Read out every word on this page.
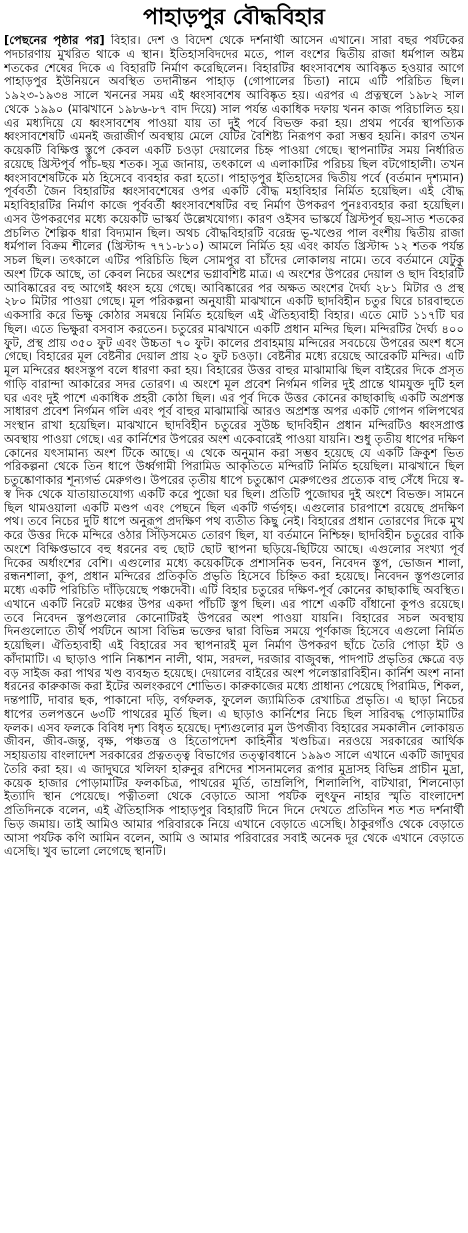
পাহাড়পুর বৌদ্ধবিহার
[পেছনের পৃষ্ঠার পর] বিহার। দেশ ও বিদেশ থেকে দর্শনার্থী আসেন এখানে। সারা বছর পর্যটকের পদচারণায় মুখরিত থাকে এ স্থান। ইতিহাসবিদদের মতে, পাল বংশের দ্বিতীয় রাজা ধর্মপাল অষ্টম শতকের শেষের দিকে এ বিহারটি নির্মাণ করেছিলেন। বিহারটির ধ্বংসাবশেষ আবিষ্কৃত হওয়ার আগে পাহাড়পুর ইউনিয়নে অবস্থিত তদানীন্তন পাহাড় (গোপালের চিতা) নামে এটি পরিচিত ছিল। ১৯২৩-১৯৩৪ সালে খননের সময় এই ধ্বংসাবশেষ আবিষ্কৃত হয়। এরপর এ প্রত্নস্থলে ১৯৮২ সাল থেকে ১৯৯০ (মাঝখানে ১৯৮৬-৮৭ বাদ দিয়ে) সাল পর্যন্ত একাধিক দফায় খনন কাজ পরিচালিত হয়। এর মধ্যদিয়ে যে ধ্বংসাবশেষ পাওয়া যায় তা দুই পর্বে বিভক্ত করা হয়। প্রথম পর্বের স্থাপত্যিক ধ্বংসাবশেষটি এমনই জরাজীর্ণ অবস্থায় মেলে যেটির বৈশিষ্ট্য নিরূপণ করা সম্ভব হয়নি। কারণ তখন কয়েকটি বিক্ষিপ্ত স্তুপে কেবল একটি চওড়া দেয়ালের চিহ্ন পাওয়া গেছে। স্থাপনাটির সময় নির্ধারিত রয়েছে খ্রিস্টপূর্ব পাঁচ-ছয় শতক। সূত্র জানায়, তৎকালে এ এলাকাটির পরিচয় ছিল বটগোহালী। তখন ধ্বংসাবশেষটিকে মঠ হিসেবে ব্যবহার করা হতো। পাহাড়পুর ইতিহাসের দ্বিতীয় পর্বে (বর্তমান দৃশ্যমান) পূর্ববর্তী জৈন বিহারটির ধ্বংসাবশেষের ওপর একটি বৌদ্ধ মহাবিহার নির্মিত হয়েছিল। এই বৌদ্ধ মহাবিহারটির নির্মাণ কাজে পূর্ববর্তী ধ্বংসাবশেষটির বহু নির্মাণ উপকরণ পুনঃব্যবহার করা হয়েছিল। এসব উপকরণের মধ্যে কয়েকটি ভাস্কর্য উল্লেখযোগ্য। কারণ ওইসব ভাস্কর্যে খ্রিস্টপূর্ব ছয়-সাত শতকের প্রচলিত শৈল্পিক ধারা বিদ্যমান ছিল। অথচ বৌদ্ধবিহারটি বরেন্দ্র ভূ-খণ্ডের পাল বংশীয় দ্বিতীয় রাজা ধর্মপাল বিক্রম শীলের (খ্রিস্টাব্দ ৭৭১-৮১০) আমলে নির্মিত হয় এবং কার্যত খ্রিস্টাব্দ ১২ শতক পর্যন্ত সচল ছিল। তৎকালে এটির পরিচিতি ছিল সোমপুর বা চাঁদের লোকালয় নামে। তবে বর্তমানে যেটুকু অংশ টিকে আছে, তা কেবল নিচের অংশের ভগ্নাবশিষ্ট মাত্র। এ অংশের উপরের দেয়াল ও ছাদ বিহারটি আবিষ্কারের বহু আগেই ধ্বংস হয়ে গেছে। আবিষ্কারের পর অক্ষত অংশের দৈর্ঘ্য ২৮১ মিটার ও প্রস্থ ২৮০ মিটার পাওয়া গেছে। মূল পরিকল্পনা অনুযায়ী মাঝখানে একটি ছাদবিহীন চতুর ঘিরে চারবাহুতে একসারি করে ভিক্ষু কোঠার সমন্বয়ে নির্মিত হয়েছিল এই ঐতিহ্যবাহী বিহার। এতে মোট ১১৭টি ঘর ছিল। এতে ভিক্ষুরা বসবাস করতেন। চতুরের মাঝখানে একটি প্রধান মন্দির ছিল। মন্দিরটির দৈর্ঘ্য ৪০০ ফুট, প্রস্থ প্রায় ৩৫০ ফুট এবং উচ্চতা ৭০ ফুট। কালের প্রবাহমায় মন্দিরের সবচেয়ে উপরের অংশ ধসে গেছে। বিহারের মূল বেষ্টনীর দেয়াল প্রায় ২০ ফুট চওড়া। বেষ্টনীর মধ্যে রয়েছে আরেকটি মন্দির। এটি মূল মন্দিরের ধ্বংসস্তূপ বলে ধারণা করা হয়। বিহারের উত্তর বাহুর মাঝামাঝি ছিল বাইরের দিকে প্রসৃত গাড়ি বারান্দা আকারের সদর তোরণ। এ অংশে মূল প্রবেশ নির্গমন গলির দুই প্রান্তে থামযুক্ত দুটি হল ঘর এবং দুই পাশে একাধিক প্রহরী কোঠা ছিল। এর পূর্ব দিকে উত্তর কোনের কাছাকাছি একটি অপ্রশস্ত সাধারণ প্রবেশ নির্গমন গলি এবং পূর্ব বাহুর মাঝামাঝি আরও অপ্রশস্ত অপর একটি গোপন গলিপথের সংস্থান রাখা হয়েছিল। মাঝখানে ছাদবিহীন চতুরের সুউচ্চ ছাদবিহীন প্রধান মন্দিরটিও ধ্বংসপ্রাপ্ত অবস্থায় পাওয়া গেছে। এর কার্নিশের উপরের অংশ একেবারেই পাওয়া যায়নি। শুধু তৃতীয় ধাপের দক্ষিণ কোনের যৎসামান্য অংশ টিকে আছে। এ থেকে অনুমান করা সম্ভব হয়েছে যে একটি ক্রিকুশ ভিত পরিকল্পনা থেকে তিন ধাপে উর্ধ্বগামী পিরামিড আকৃতিতে মন্দিরটি নির্মিত হয়েছিল। মাঝখানে ছিল চতুষ্কোণাকার শূন্যগর্ভ মেরুগণ্ড। উপরের তৃতীয় ধাপে চতুষ্কোণ মেরুগণ্ডের প্রত্যেক বাহু সেঁধে দিয়ে স্ব-স্ব দিক থেকে যাতায়াতযোগ্য একটি করে পুজো ঘর ছিল। প্রতিটি পুজোঘর দুই অংশে বিভক্ত। সামনে ছিল থামওয়ালা একটি মণ্ডপ এবং পেছনে ছিল একটি গর্ভগৃহ। এগুলোর চারপাশে রয়েছে প্রদক্ষিণ পথ। তবে নিচের দুটি ধাপে অনুরূপ প্রদক্ষিণ পথ ব্যতীত কিছু নেই। বিহারের প্রধান তোরণের দিকে মুখ করে উত্তর দিকে মন্দিরে ওঠার সিঁড়িসমেত তোরণ ছিল, যা বর্তমানে নিশ্চিহ্ন। ছাদবিহীন চতুরের বাকি অংশে বিক্ষিপ্তভাবে বহু ধরনের বহু ছোট ছোট স্থাপনা ছড়িয়ে-ছিটিয়ে আছে। এগুলোর সংখ্যা পূর্ব দিকের অর্ধাংশের বেশি। এগুলোর মধ্যে কয়েকটিকে প্রশাসনিক ভবন, নিবেদন স্তূপ, ভোজন শালা, রন্ধনশালা, কূপ, প্রধান মন্দিরের প্রতিকৃতি প্রভৃতি হিসেবে চিহ্নিত করা হয়েছে। নিবেদন স্তূপগুলোর মধ্যে একটি পরিচিতি দাঁড়িয়েছে পঞ্চদেবী। এটি বিহার চতুরের দক্ষিণ-পূর্ব কোনের কাছাকাছি অবস্থিত। এখানে একটি নিরেট মঞ্চের উপর একদা পাঁচটি স্তূপ ছিল। এর পাশে একটি বাঁধানো কূপও রয়েছে। তবে নিবেদন স্তূপগুলোর কোনোটিরই উপরের অংশ পাওয়া যায়নি। বিহারের সচল অবস্থায় দিনগুলোতে তীর্থ পর্যটনে আসা বিভিন্ন ভক্তের দ্বারা বিভিন্ন সময়ে পূর্ণকাজ হিসেবে এগুলো নির্মিত হয়েছিল। ঐতিহ্যবাহী এই বিহারের সব স্থাপনারই মূল নির্মাণ উপকরণ ছাঁচে তৈরি পোড়া ইট ও কাঁদামাটি। এ ছাড়াও পানি নিষ্কাশন নালী, থাম, সরদল, দরজার বাজুবন্ধ, পাদপাট প্রভৃতির ক্ষেত্রে বড় বড় সাইজ করা পাথর খণ্ড ব্যবহৃত হয়েছে। দেয়ালের বাইরের অংশ পলেস্তারাবিহীন। কার্নিশ অংশ নানা ধরনের কারুকাজ করা ইটের অলংকরণে শোভিত। কারুকাজের মধ্যে প্রাধান্য পেয়েছে পিরামিড, শিকল, দন্তপাটি, দাবার ছক, পাকানো দড়ি, বর্গফলক, ফুলেল জ্যামিতিক রেখাচিত্র প্রভৃতি। এ ছাড়া নিচের ধাপের তলপত্তনে ৬৩টি পাথরের মূর্তি ছিল। এ ছাড়াও কার্নিশের নিচে ছিল সারিবদ্ধ পোড়ামাটির ফলক। এসব ফলকে বিবিধ দৃশ্য বিধৃত হয়েছে। দৃশ্যগুলোর মূল উপজীব্য বিহারের সমকালীন লোকায়ত জীবন, জীব-জন্তু, বৃক্ষ, পঞ্চতন্ত্র ও হিতোপদেশ কাহিনীর খণ্ডচিত্র। নরওয়ে সরকারের আর্থিক সহায়তায় বাংলাদেশ সরকারের প্রত্নতত্ত্ব বিভাগের তত্ত্বাবধানে ১৯৯৩ সালে এখানে একটি জাদুঘর তৈরি করা হয়। এ জাদুঘরে খলিফা হারুনুর রশিদের শাসনামলের রূপার মুদ্রাসহ বিভিন্ন প্রাচীন মুদ্রা, কয়েক হাজার পোড়ামাটির ফলকচিত্র, পাথরের মূর্তি, তাম্রলিপি, শিলালিপি, বাটখারা, শিলনোড়া ইত্যাদি স্থান পেয়েছে। পত্নীতলা থেকে বেড়াতে আসা পর্যটক লুৎফুন নাহার স্মৃতি বাংলাদেশ প্রতিদিনকে বলেন, এই ঐতিহাসিক পাহাড়পুর বিহারটি দিনে দিনে দেখতে প্রতিদিন শত শত দর্শনার্থী ভিড় জমায়। তাই আমিও আমার পরিবারকে নিয়ে এখানে বেড়াতে এসেছি। ঠাকুরগাঁও থেকে বেড়াতে আসা পর্যটক কণি আমিন বলেন, আমি ও আমার পরিবারের সবাই অনেক দূর থেকে এখানে বেড়াতে এসেছি। খুব ভালো লেগেছে স্থানটি।
